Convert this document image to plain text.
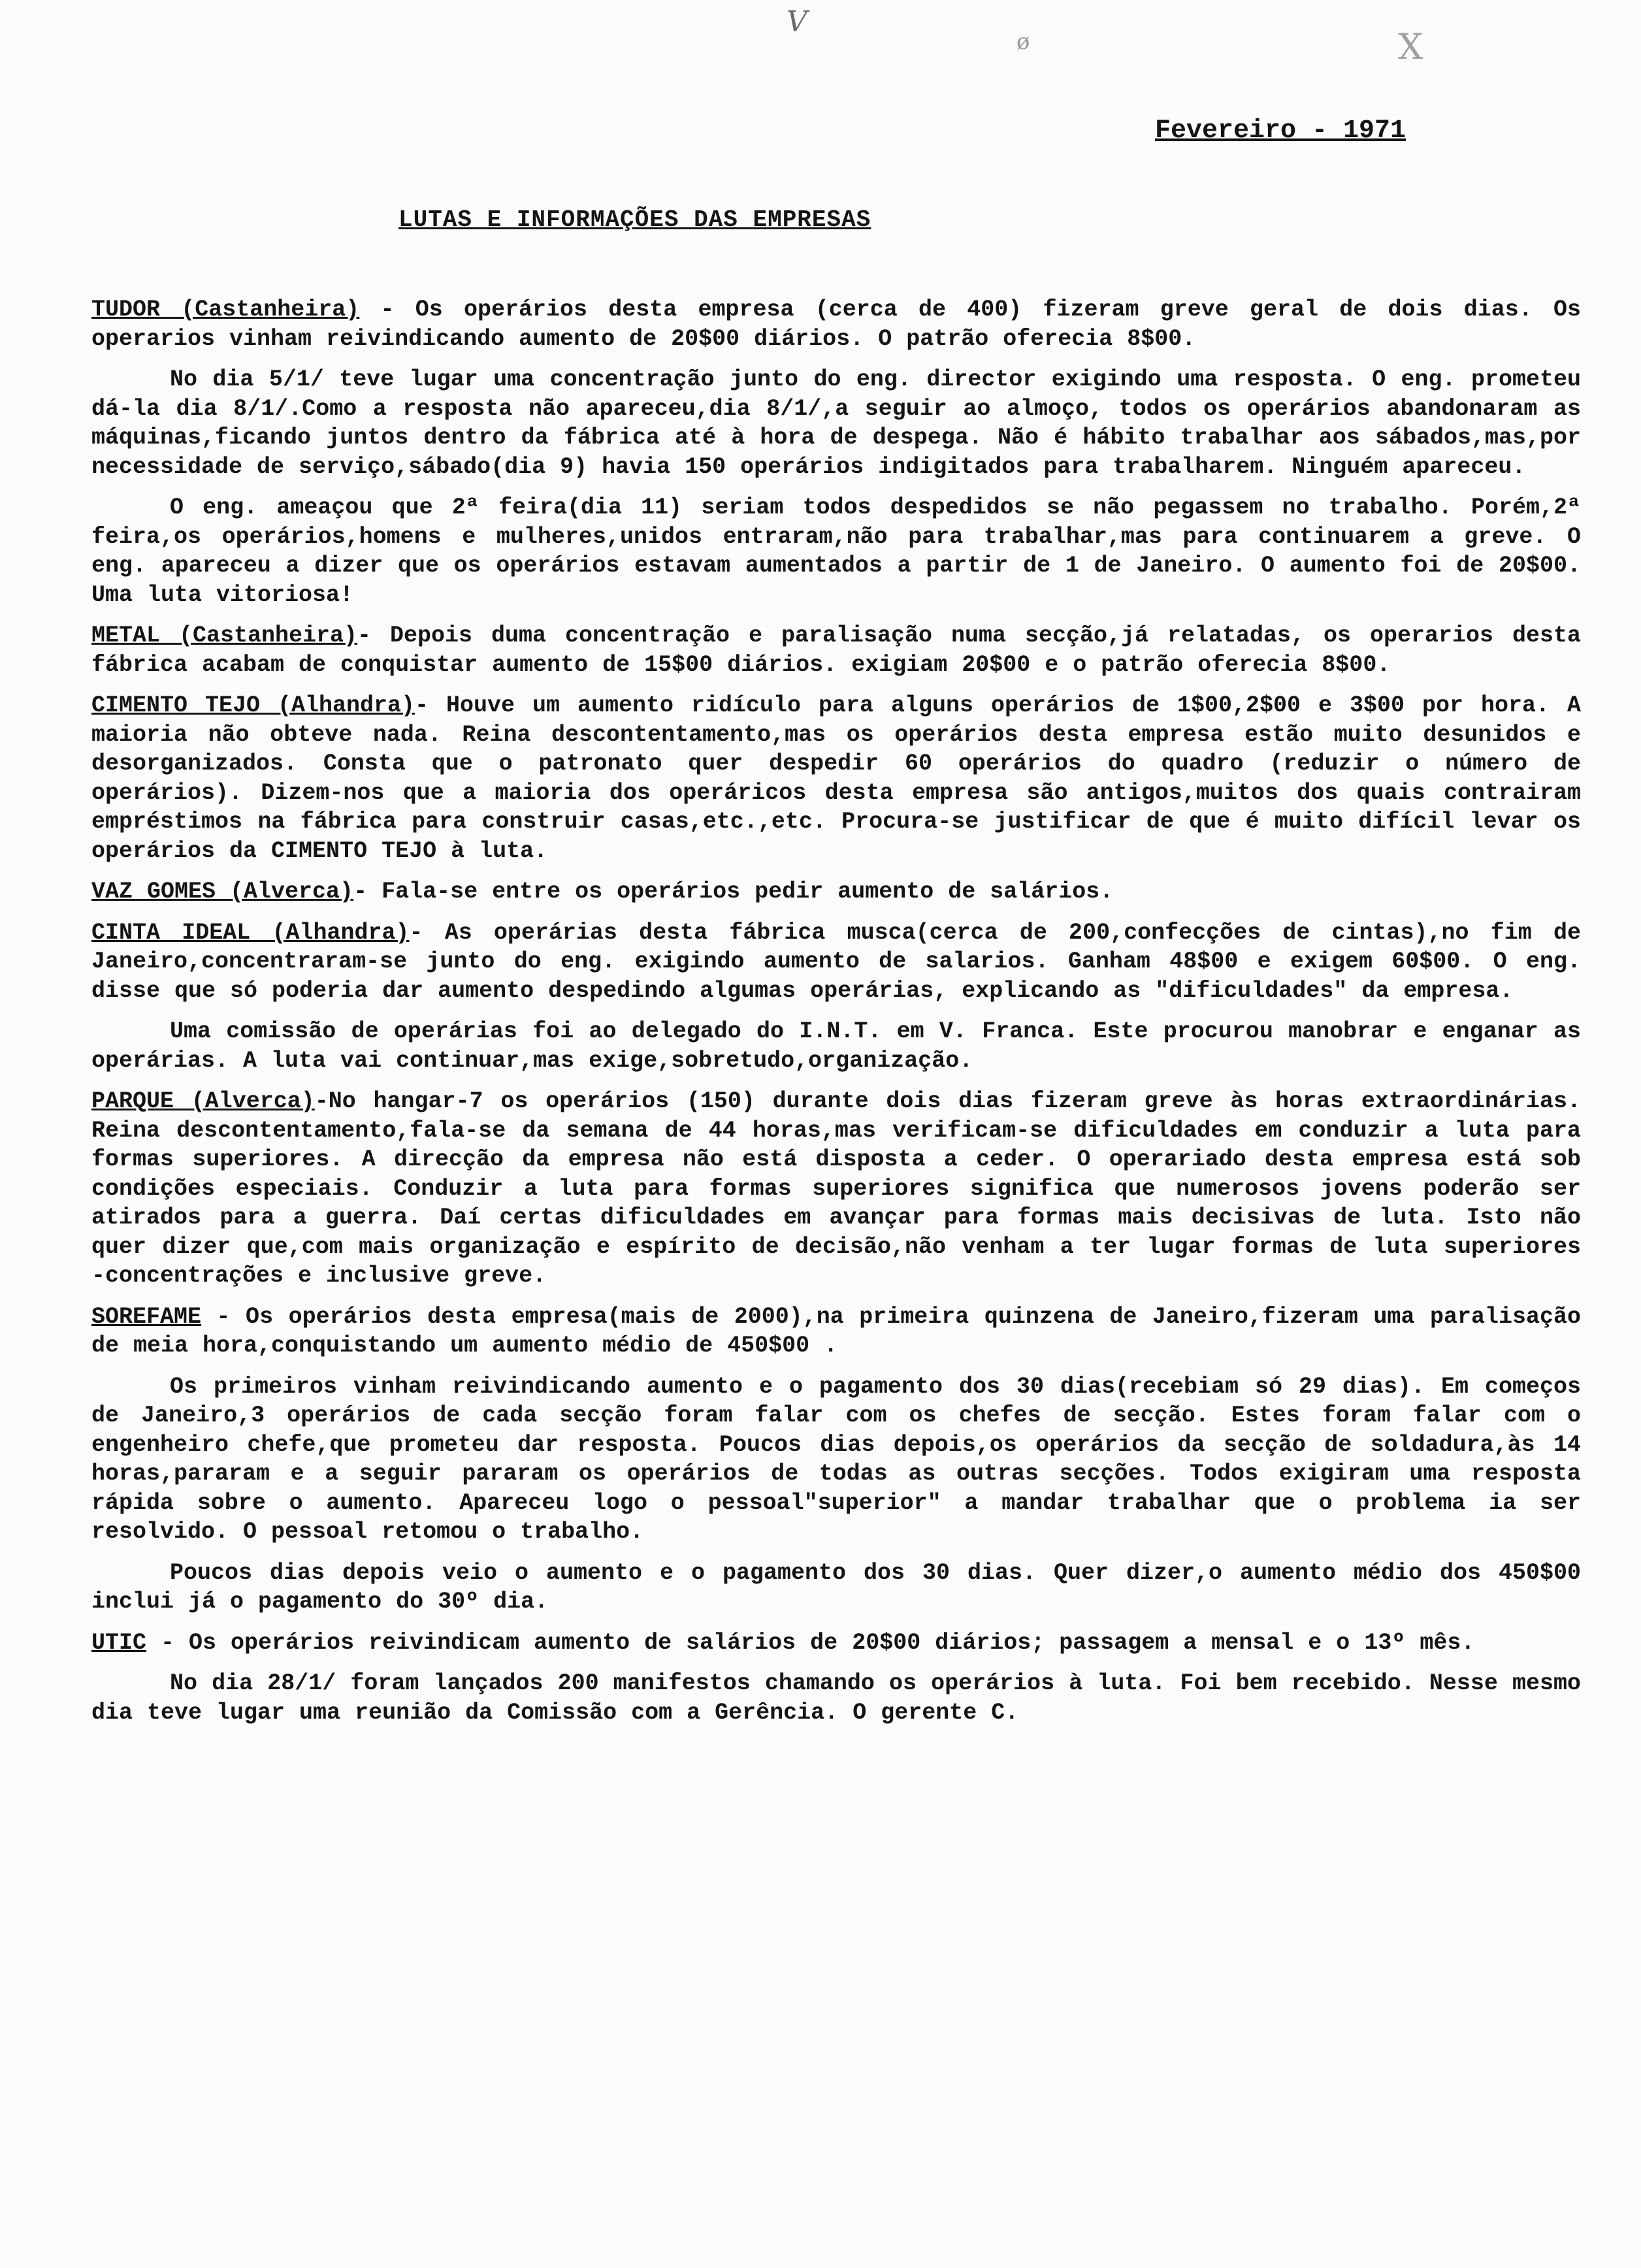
V
ø	X
Fevereiro - 1971
LUTAS E INFORMAÇÕES DAS EMPRESAS

TUDOR (Castanheira) - Os operários desta empresa (cerca de 400) fizeram greve geral de dois dias. Os operarios vinham reivindicando aumento de 20$00 diários. O patrão oferecia 8$00.

No dia 5/1/ teve lugar uma concentração junto do eng. director exigindo uma resposta. O eng. prometeu dá-la dia 8/1/.Como a resposta não apareceu,dia 8/1/,a seguir ao almoço, todos os operários abandonaram as máquinas,ficando juntos dentro da fábrica até à hora de despega. Não é hábito trabalhar aos sábados,mas,por necessidade de serviço,sábado(dia 9) havia 150 operários indigitados para trabalharem. Ninguém apareceu.

O eng. ameaçou que 2ª feira(dia 11) seriam todos despedidos se não pegassem no trabalho. Porém,2ª feira,os operários,homens e mulheres,unidos entraram,não para trabalhar,mas para continuarem a greve. O eng. apareceu a dizer que os operários estavam aumentados a partir de 1 de Janeiro. O aumento foi de 20$00. Uma luta vitoriosa!

METAL (Castanheira)- Depois duma concentração e paralisação numa secção,já relatadas, os operarios desta fábrica acabam de conquistar aumento de 15$00 diários. exigiam 20$00 e o patrão oferecia 8$00.

CIMENTO TEJO (Alhandra)- Houve um aumento ridículo para alguns operários de 1$00,2$00 e 3$00 por hora. A maioria não obteve nada. Reina descontentamento,mas os operários desta empresa estão muito desunidos e desorganizados. Consta que o patronato quer despedir 60 operários do quadro (reduzir o número de operários). Dizem-nos que a maioria dos operáricos desta empresa são antigos,muitos dos quais contrairam empréstimos na fábrica para construir casas,etc.,etc. Procura-se justificar de que é muito difícil levar os operários da CIMENTO TEJO à luta.

VAZ GOMES (Alverca)- Fala-se entre os operários pedir aumento de salários.

CINTA IDEAL (Alhandra)- As operárias desta fábrica musca(cerca de 200,confecções de cintas),no fim de Janeiro,concentraram-se junto do eng. exigindo aumento de salarios. Ganham 48$00 e exigem 60$00. O eng. disse que só poderia dar aumento despedindo algumas operárias, explicando as "dificuldades" da empresa.

Uma comissão de operárias foi ao delegado do I.N.T. em V. Franca. Este procurou manobrar e enganar as operárias. A luta vai continuar,mas exige,sobretudo,organização.

PARQUE (Alverca)-No hangar-7 os operários (150) durante dois dias fizeram greve às horas extraordinárias. Reina descontentamento,fala-se da semana de 44 horas,mas verificam-se dificuldades em conduzir a luta para formas superiores. A direcção da empresa não está disposta a ceder. O operariado desta empresa está sob condições especiais. Conduzir a luta para formas superiores significa que numerosos jovens poderão ser atirados para a guerra. Daí certas dificuldades em avançar para formas mais decisivas de luta. Isto não quer dizer que,com mais organização e espírito de decisão,não venham a ter lugar formas de luta superiores -concentrações e inclusive greve.

SOREFAME - Os operários desta empresa(mais de 2000),na primeira quinzena de Janeiro,fizeram uma paralisação de meia hora,conquistando um aumento médio de 450$00 .

Os primeiros vinham reivindicando aumento e o pagamento dos 30 dias(recebiam só 29 dias). Em começos de Janeiro,3 operários de cada secção foram falar com os chefes de secção. Estes foram falar com o engenheiro chefe,que prometeu dar resposta. Poucos dias depois,os operários da secção de soldadura,às 14 horas,pararam e a seguir pararam os operários de todas as outras secções. Todos exigiram uma resposta rápida sobre o aumento. Apareceu logo o pessoal"superior" a mandar trabalhar que o problema ia ser resolvido. O pessoal retomou o trabalho.

Poucos dias depois veio o aumento e o pagamento dos 30 dias. Quer dizer,o aumento médio dos 450$00 inclui já o pagamento do 30º dia.

UTIC - Os operários reivindicam aumento de salários de 20$00 diários; passagem a mensal e o 13º mês.

No dia 28/1/ foram lançados 200 manifestos chamando os operários à luta. Foi bem recebido. Nesse mesmo dia teve lugar uma reunião da Comissão com a Gerência. O gerente C.
